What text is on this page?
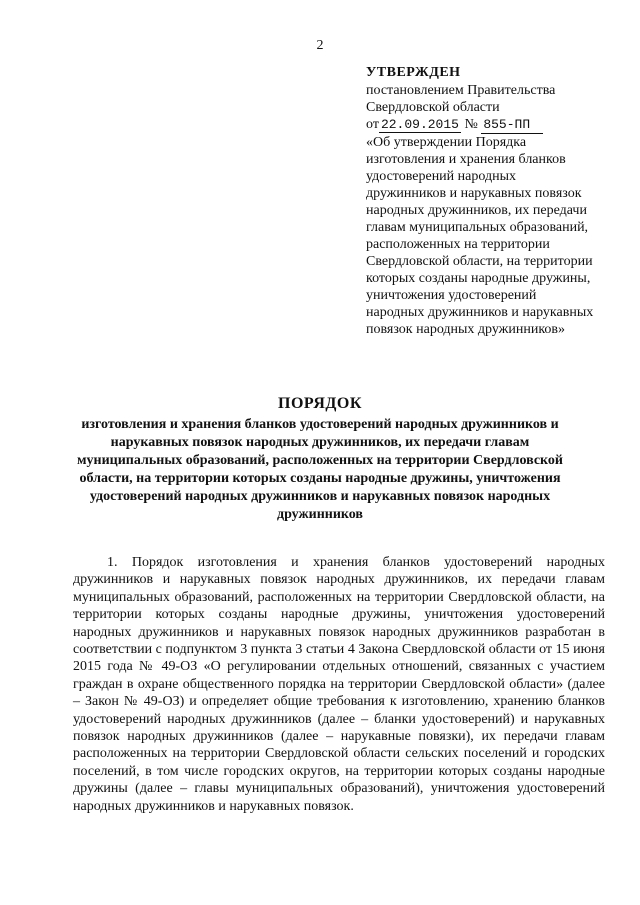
2
УТВЕРЖДЕН
постановлением Правительства
Свердловской области
от 22.09.2015 № 855-ПП
«Об утверждении Порядка изготовления и хранения бланков удостоверений народных дружинников и нарукавных повязок народных дружинников, их передачи главам муниципальных образований, расположенных на территории Свердловской области, на территории которых созданы народные дружины, уничтожения удостоверений народных дружинников и нарукавных повязок народных дружинников»
ПОРЯДОК
изготовления и хранения бланков удостоверений народных дружинников и нарукавных повязок народных дружинников, их передачи главам муниципальных образований, расположенных на территории Свердловской области, на территории которых созданы народные дружины, уничтожения удостоверений народных дружинников и нарукавных повязок народных дружинников

1. Порядок изготовления и хранения бланков удостоверений народных дружинников и нарукавных повязок народных дружинников, их передачи главам муниципальных образований, расположенных на территории Свердловской области, на территории которых созданы народные дружины, уничтожения удостоверений народных дружинников и нарукавных повязок народных дружинников разработан в соответствии с подпунктом 3 пункта 3 статьи 4 Закона Свердловской области от 15 июня 2015 года № 49-ОЗ «О регулировании отдельных отношений, связанных с участием граждан в охране общественного порядка на территории Свердловской области» (далее – Закон № 49-ОЗ) и определяет общие требования к изготовлению, хранению бланков удостоверений народных дружинников (далее – бланки удостоверений) и нарукавных повязок народных дружинников (далее – нарукавные повязки), их передачи главам расположенных на территории Свердловской области сельских поселений и городских поселений, в том числе городских округов, на территории которых созданы народные дружины (далее – главы муниципальных образований), уничтожения удостоверений народных дружинников и нарукавных повязок.
